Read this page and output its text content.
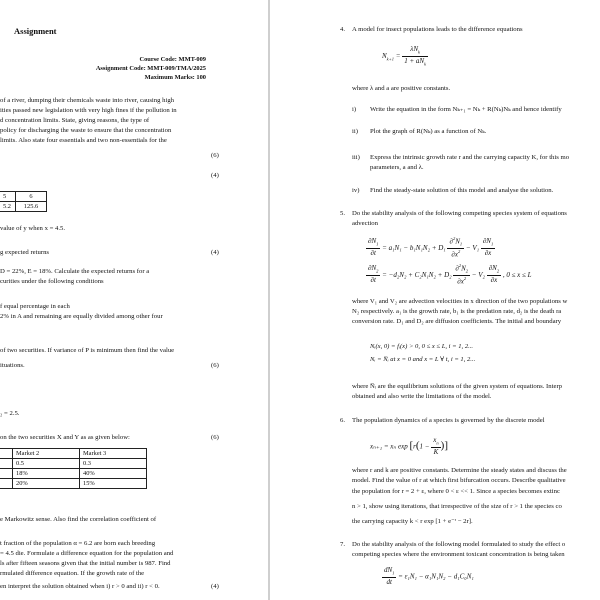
Assignment
Course Code: MMT-009
Assignment Code: MMT-009/TMA/2025
Maximum Marks: 100
of a river, dumping their chemicals waste into river, causing high
ities passed new legislation with very high fines if the pollution in
d concentration limits. State, giving reasons, the type of
policy for discharging the waste to ensure that the concentration
limits. Also state four essentials and two non-essentials for the
(6)
(4)
5	6
5.2	125.6
value of y when x = 4.5.
g expected returns	(4)
D = 22%, E = 18%. Calculate the expected returns for a
curities under the following conditions
f equal percentage in each
2% in A and remaining are equally divided among other four
of two securities. If variance of P is minimum then find the value
ituations.	(6)
₂ = 2.5.
on the two securities X and Y as as given below:	(6)
	Market 2	Market 3
	0.5	0.3
	18%	40%
	20%	15%
e Markowitz sense. Also find the correlation coefficient of
t fraction of the population α = 6.2 are born each breeding
= 4.5 die. Formulate a difference equation for the population and
ls after fifteen seasons given that the initial number is 987. Find
rmulated difference equation. If the growth rate of the
en interpret the solution obtained when i) r > 0 and ii) r < 0.	(4)
4. A model for insect populations leads to the difference equations
$N_{k+1} = \frac{\lambda N_k}{1 + aN_k}$
where λ and a are positive constants.
i) Write the equation in the form Nₖ₊₁ = Nₖ + R(Nₖ)Nₖ and hence identify
ii) Plot the graph of R(Nₖ) as a function of Nₖ.
iii) Express the intrinsic growth rate r and the carrying capacity K, for this mo
parameters, a and λ.
iv) Find the steady-state solution of this model and analyse the solution.
5. Do the stability analysis of the following competing species system of equations
advection
$\frac{\partial N_1}{\partial t} = a_1N_1 - b_1N_1N_2 + D_1 \frac{\partial^2N_1}{\partial x^2} - V_1 \frac{\partial N_1}{\partial x}$
$\frac{\partial N_2}{\partial t} = -d_2N_2 + C_2N_1N_2 + D_2 \frac{\partial^2N_2}{\partial x^2} - V_2 \frac{\partial N_2}{\partial x}$ , 0 ≤ x ≤ L
where V₁ and V₂ are advection velocities in x direction of the two populations w
N₂ respectively. a₁ is the growth rate, b₁ is the predation rate, d₂ is the death ra
conversion rate. D₁ and D₂ are diffusion coefficients. The initial and boundary
Nᵢ(x, 0) = fᵢ(x) > 0, 0 ≤ x ≤ L, i = 1, 2...
Nᵢ = N̅ᵢ at x = 0 and x = L ∀ t, i = 1, 2...
where N̅ᵢ are the equilibrium solutions of the given system of equations. Interp
obtained and also write the limitations of the model.
6. The population dynamics of a species is governed by the discrete model
xₙ₊₁ = xₙ $\exp [r(1 - \frac{x_n}{K}$ )]
where r and k are positive constants. Determine the steady states and discuss the
model. Find the value of r at which first bifurcation occurs. Describe qualitative
the population for r = 2 + ε, where 0 < ε << 1. Since a species becomes extinc
n > 1, show using iterations, that irrespective of the size of r > 1 the species co
the carrying capacity k < r exp [1 + e⁻ʳ − 2r].
7. Do the stability analysis of the following model formulated to study the effect o
competing species where the environment toxicant concentration is being taken
$\frac{dN_1}{dt} = \varepsilon_1N_1 - \alpha_1N_1N_2 - d_1C_0N_1$
